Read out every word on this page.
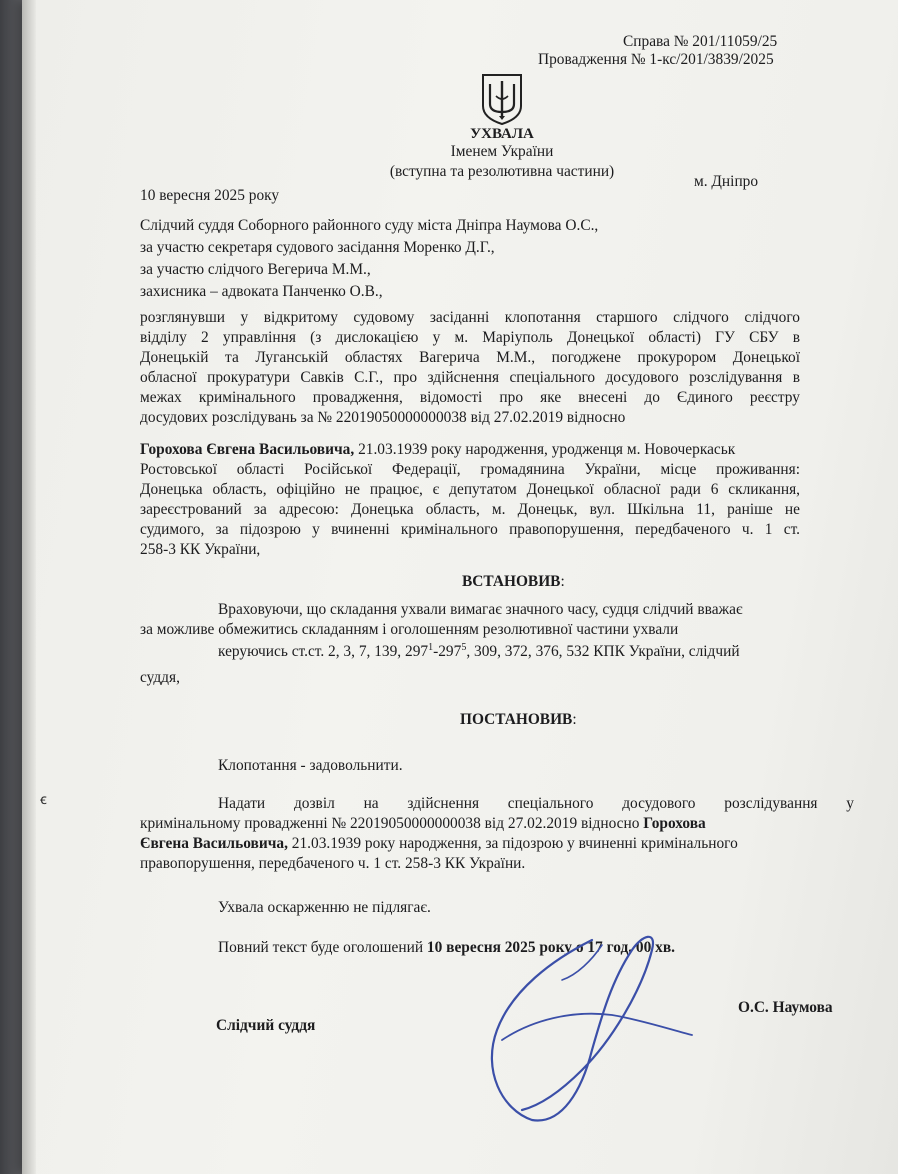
Справа № 201/11059/25
Провадження № 1-кс/201/3839/2025
УХВАЛА
Іменем України
(вступна та резолютивна частини)
10 вересня 2025 року
м. Дніпро
Слідчий суддя Соборного районного суду міста Дніпра Наумова О.С.,
за участю секретаря судового засідання Моренко Д.Г.,
за участю слідчого Вегерича М.М.,
захисника – адвоката Панченко О.В.,
розглянувши у відкритому судовому засіданні клопотання старшого слідчого слідчого
відділу 2 управління (з дислокацією у м. Маріуполь Донецької області) ГУ СБУ в
Донецькій та Луганській областях Вагерича М.М., погоджене прокурором Донецької
обласної прокуратури Савків С.Г., про здійснення спеціального досудового розслідування в
межах кримінального провадження, відомості про яке внесені до Єдиного реєстру
досудових розслідувань за № 22019050000000038 від 27.02.2019 відносно
Горохова Євгена Васильовича, 21.03.1939 року народження, уродженця м. Новочеркаськ
Ростовської області Російської Федерації, громадянина України, місце проживання:
Донецька область, офіційно не працює, є депутатом Донецької обласної ради 6 скликання,
зареєстрований за адресою: Донецька область, м. Донецьк, вул. Шкільна 11, раніше не
судимого, за підозрою у вчиненні кримінального правопорушення, передбаченого ч. 1 ст.
258-3 КК України,
ВСТАНОВИВ:
Враховуючи, що складання ухвали вимагає значного часу, судця слідчий вважає
за можливе обмежитись складанням і оголошенням резолютивної частини ухвали
керуючись ст.ст. 2, 3, 7, 139, $297^1-297^5$, 309, 372, 376, 532 КПК України, слідчий
суддя,
ПОСТАНОВИВ:
Клопотання - задовольнити.
Надати дозвіл на здійснення спеціального досудового розслідування у
кримінальному провадженні № 22019050000000038 від 27.02.2019 відносно Горохова
Євгена Васильовича, 21.03.1939 року народження, за підозрою у вчиненні кримінального
правопорушення, передбаченого ч. 1 ст. 258-3 КК України.
Ухвала оскарженню не підлягає.
Повний текст буде оголошений 10 вересня 2025 року о 17 год. 00 хв.
Слідчий суддя
О.С. Наумова
ꞓ
